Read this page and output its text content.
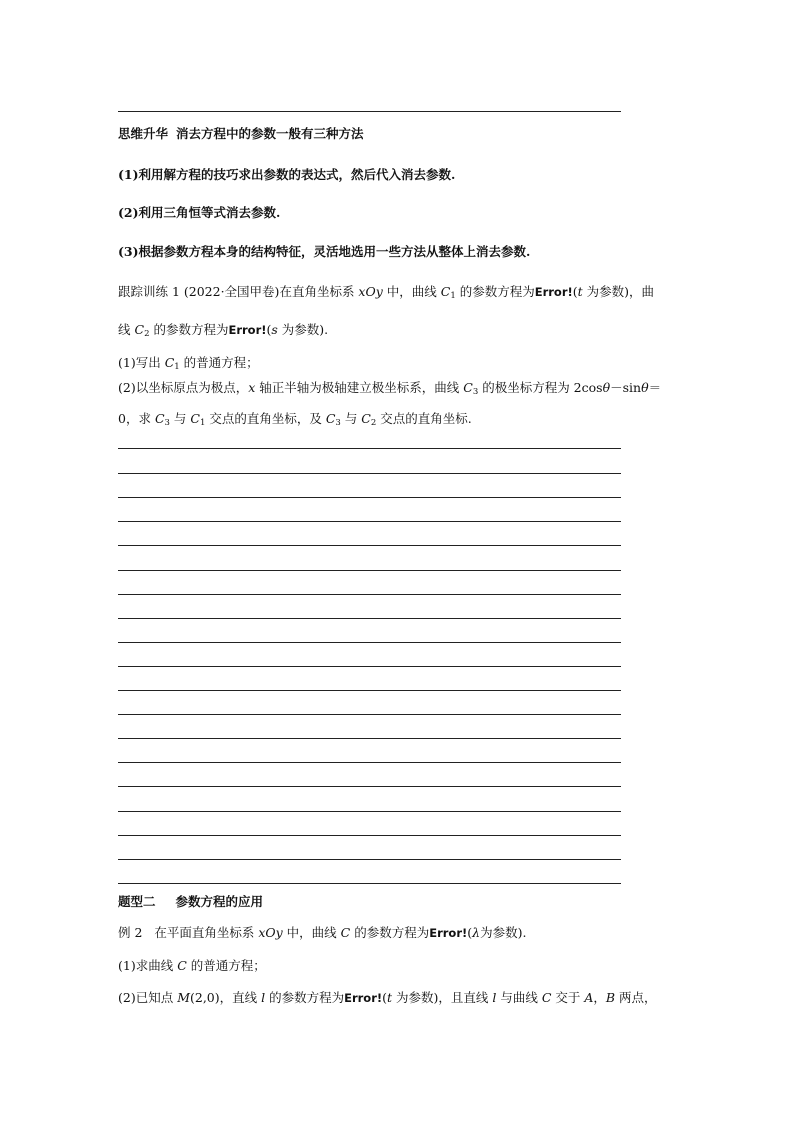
思维升华 消去方程中的参数一般有三种方法
(1)利用解方程的技巧求出参数的表达式，然后代入消去参数.
(2)利用三角恒等式消去参数.
(3)根据参数方程本身的结构特征，灵活地选用一些方法从整体上消去参数.
跟踪训练 1 (2022·全国甲卷)在直角坐标系 xOy 中，曲线 $C_1$ 的参数方程为Error!(t 为参数)，曲
线 $C_2$ 的参数方程为Error!(s 为参数).
(1)写出 $C_1$ 的普通方程；
(2)以坐标原点为极点，x 轴正半轴为极轴建立极坐标系，曲线 $C_3$ 的极坐标方程为 2cosθ－sinθ＝
0，求 $C_3$ 与 $C_1$ 交点的直角坐标，及 $C_3$ 与 $C_2$ 交点的直角坐标.
题型二 参数方程的应用
例 2 在平面直角坐标系 xOy 中，曲线 C 的参数方程为Error!(λ为参数).
(1)求曲线 C 的普通方程；
(2)已知点 M(2,0)，直线 l 的参数方程为Error!(t 为参数)，且直线 l 与曲线 C 交于 A，B 两点，
